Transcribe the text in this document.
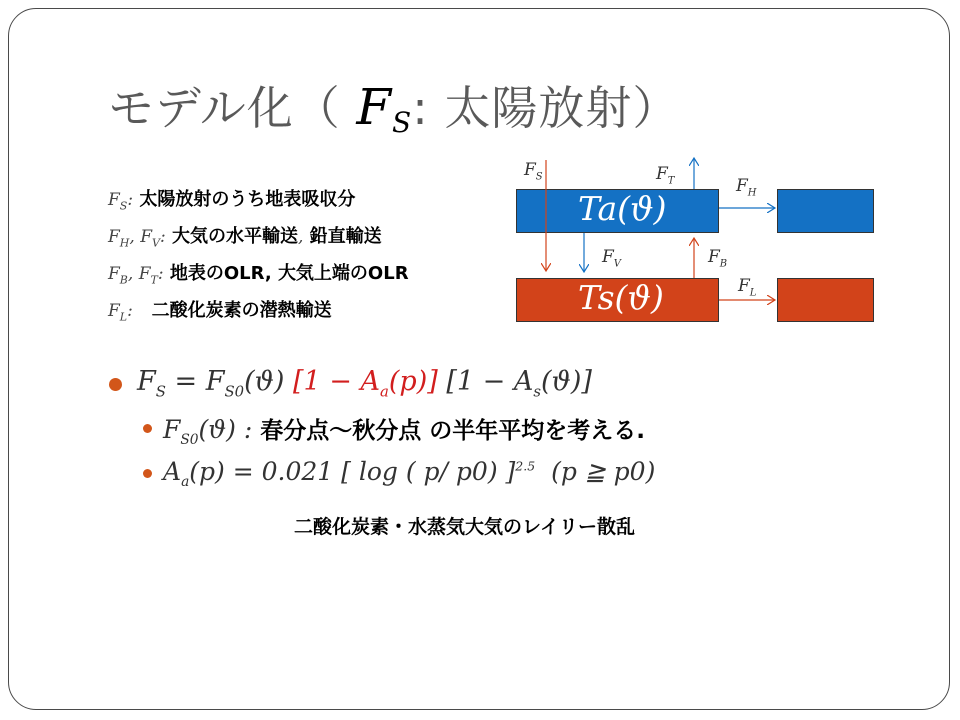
モデル化（ $F_S$: 太陽放射）
$F_S$: 太陽放射のうち地表吸収分
$F_H$, $F_V$: 大気の水平輸送, 鉛直輸送
$F_B$, $F_T$: 地表のOLR, 大気上端のOLR
$F_L$: 二酸化炭素の潜熱輸送
Ta(ϑ)
Ts(ϑ)
$F_S$	$F_T$	$F_H$
$F_V$	$F_B$
$F_L$
$F_S = F_{S0}(ϑ) [1 - A_a(p)] [1 - A_s(ϑ)]$
$F_{S0}(ϑ)$ : 春分点〜秋分点 の半年平均を考える.
$A_a(p) = 0.021$ [ log ( p/ p0) ]$^{2.5}$  (p ≧ p0)
二酸化炭素・水蒸気大気のレイリー散乱
